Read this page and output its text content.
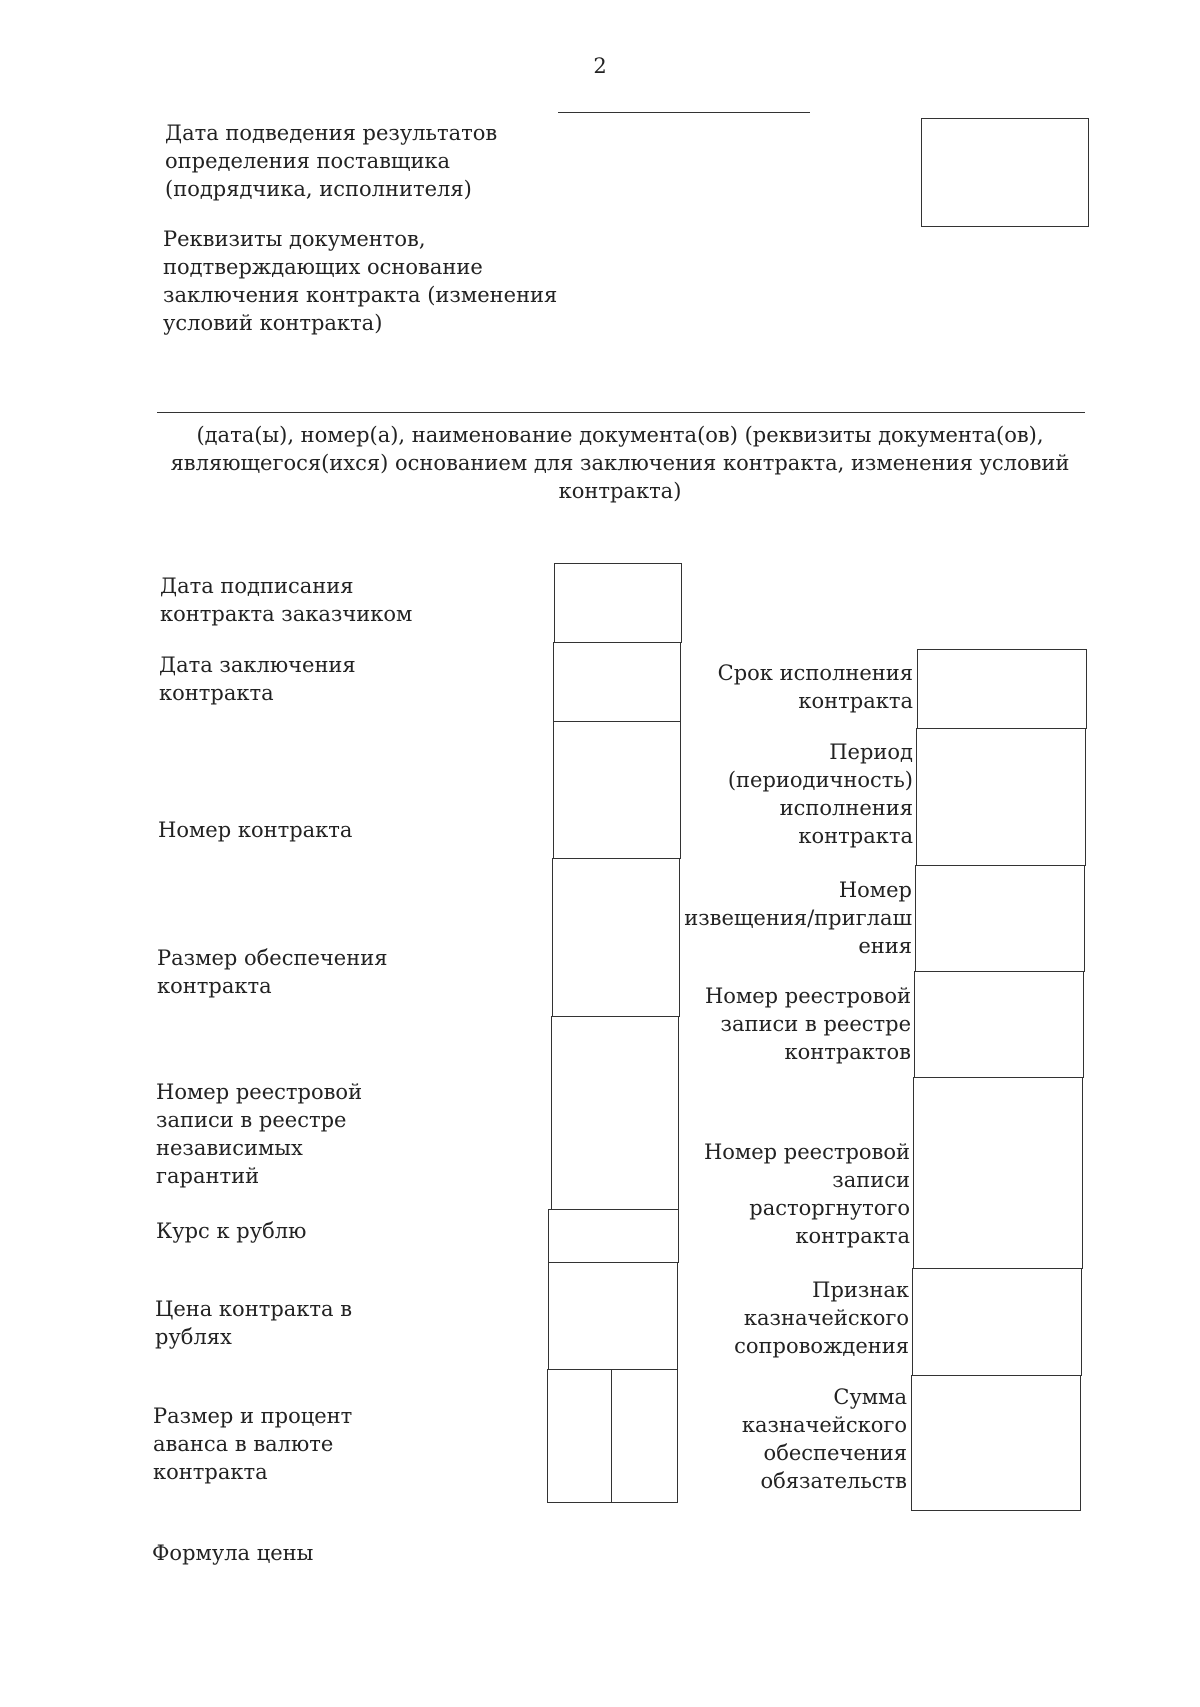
2
Дата подведения результатов
определения поставщика
(подрядчика, исполнителя)
Реквизиты документов,
подтверждающих основание
заключения контракта (изменения
условий контракта)
(дата(ы), номер(а), наименование документа(ов) (реквизиты документа(ов),
являющегося(ихся) основанием для заключения контракта, изменения условий
контракта)
Дата подписания
контракта заказчиком
Дата заключения
контракта
Номер контракта
Размер обеспечения
контракта
Номер реестровой
записи в реестре
независимых
гарантий
Курс к рублю
Цена контракта в
рублях
Размер и процент
аванса в валюте
контракта
Формула цены
Срок исполнения
контракта
Период
(периодичность)
исполнения
контракта
Номер
извещения/приглаш
ения
Номер реестровой
записи в реестре
контрактов
Номер реестровой
записи
расторгнутого
контракта
Признак
казначейского
сопровождения
Сумма
казначейского
обеспечения
обязательств
